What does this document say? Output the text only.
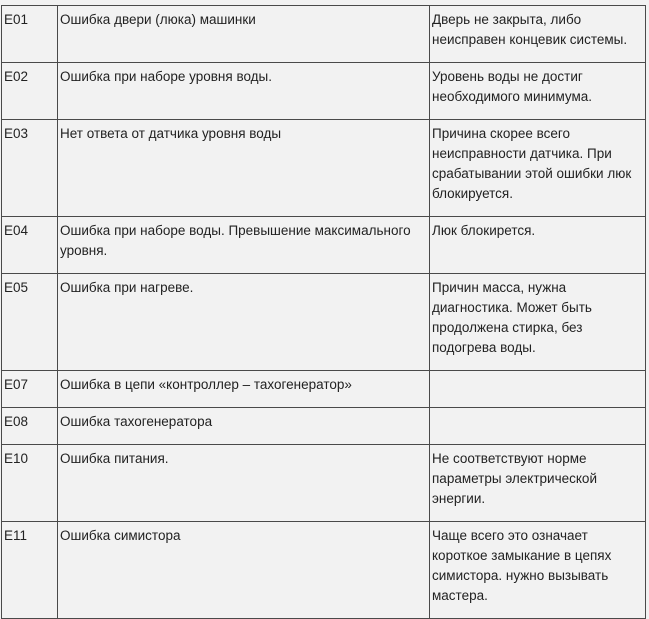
E01	Ошибка двери (люка) машинки	Дверь не закрыта, либо неисправен концевик системы.
E02	Ошибка при наборе уровня воды.	Уровень воды не достиг необходимого минимума.
E03	Нет ответа от датчика уровня воды	Причина скорее всего неисправности датчика. При срабатывании этой ошибки люк блокируется.
E04	Ошибка при наборе воды. Превышение максимального уровня.	Люк блокирется.
E05	Ошибка при нагреве.	Причин масса, нужна диагностика. Может быть продолжена стирка, без подогрева воды.
E07	Ошибка в цепи «контроллер – тахогенератор»	
E08	Ошибка тахогенератора	
E10	Ошибка питания.	Не соответствуют норме параметры электрической энергии.
E11	Ошибка симистора	Чаще всего это означает короткое замыкание в цепях симистора. нужно вызывать мастера.
